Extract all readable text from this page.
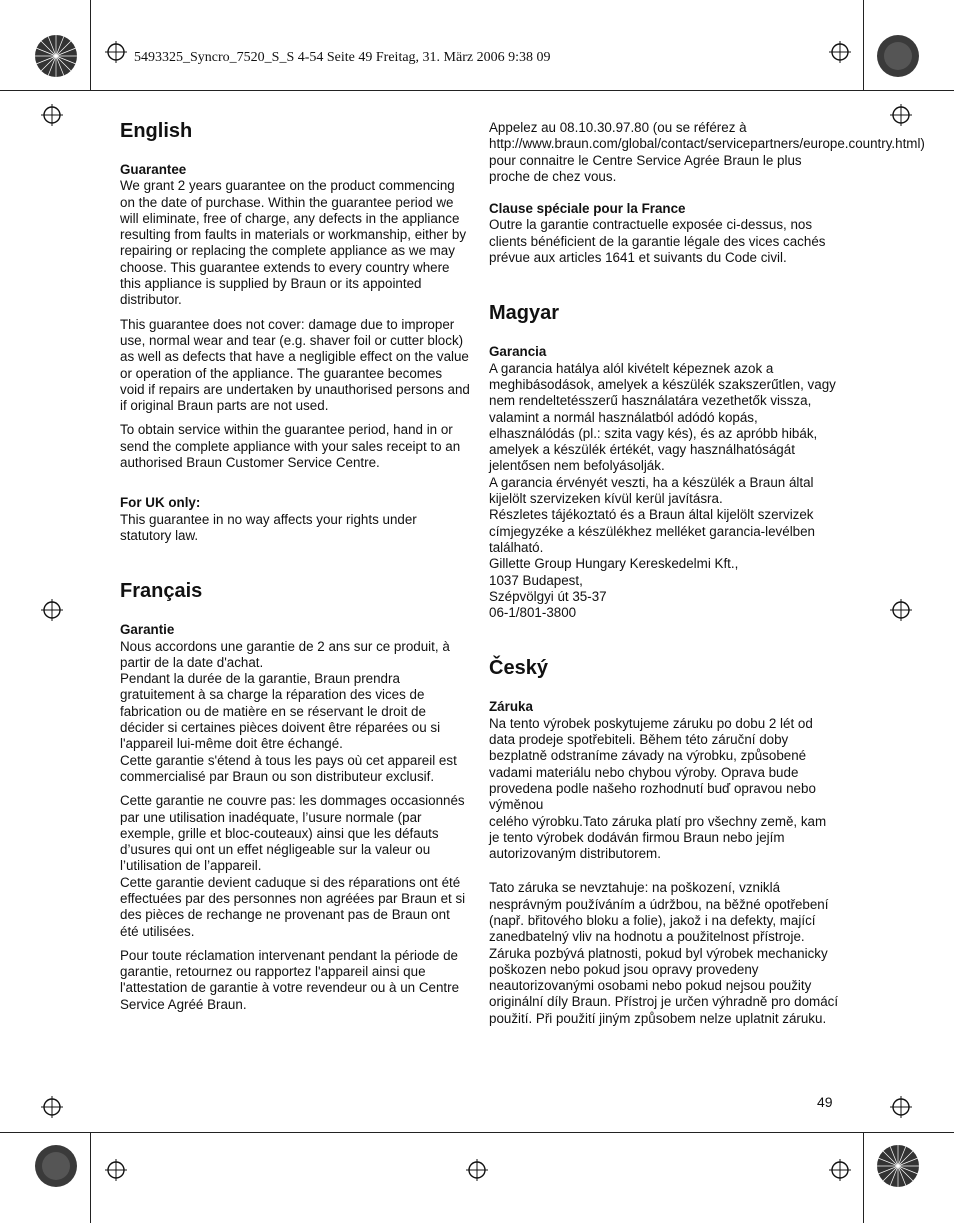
5493325_Syncro_7520_S_S 4-54 Seite 49 Freitag, 31. März 2006 9:38 09
English
Guarantee

We grant 2 years guarantee on the product commencing on the date of purchase. Within the guarantee period we will eliminate, free of charge, any defects in the appliance resulting from faults in materials or workmanship, either by repairing or replacing the complete appliance as we may choose. This guarantee extends to every country where this appliance is supplied by Braun or its appointed distributor.

This guarantee does not cover: damage due to improper use, normal wear and tear (e.g. shaver foil or cutter block) as well as defects that have a negligible effect on the value or operation of the appliance. The guarantee becomes void if repairs are undertaken by unauthorised persons and if original Braun parts are not used.

To obtain service within the guarantee period, hand in or send the complete appliance with your sales receipt to an authorised Braun Customer Service Centre.

For UK only:

This guarantee in no way affects your rights under statutory law.

Français
Garantie

Nous accordons une garantie de 2 ans sur ce produit, à partir de la date d'achat.

Pendant la durée de la garantie, Braun prendra gratuitement à sa charge la réparation des vices de fabrication ou de matière en se réservant le droit de décider si certaines pièces doivent être réparées ou si l'appareil lui-même doit être échangé.

Cette garantie s'étend à tous les pays où cet appareil est commercialisé par Braun ou son distributeur exclusif.

Cette garantie ne couvre pas: les dommages occasionnés par une utilisation inadéquate, l’usure normale (par exemple, grille et bloc-couteaux) ainsi que les défauts d’usures qui ont un effet négligeable sur la valeur ou l’utilisation de l’appareil.

Cette garantie devient caduque si des réparations ont été effectuées par des personnes non agréées par Braun et si des pièces de rechange ne provenant pas de Braun ont été utilisées.

Pour toute réclamation intervenant pendant la période de garantie, retournez ou rapportez l'appareil ainsi que l'attestation de garantie à votre revendeur ou à un Centre Service Agréé Braun.

Appelez au 08.10.30.97.80 (ou se référez à http://www.braun.com/global/contact/servicepartners/europe.country.html) pour connaitre le Centre Service Agrée Braun le plus proche de chez vous.

Clause spéciale pour la France

Outre la garantie contractuelle exposée ci-dessus, nos clients bénéficient de la garantie légale des vices cachés prévue aux articles 1641 et suivants du Code civil.

Magyar
Garancia

A garancia hatálya alól kivételt képeznek azok a meghibásodások, amelyek a készülék szakszerűtlen, vagy nem rendeltetésszerű használatára vezethetők vissza, valamint a normál használatból adódó kopás, elhasználódás (pl.: szita vagy kés), és az apróbb hibák, amelyek a készülék értékét, vagy használhatóságát jelentősen nem befolyásolják.

A garancia érvényét veszti, ha a készülék a Braun által kijelölt szervizeken kívül kerül javításra.

Részletes tájékoztató és a Braun által kijelölt szervizek címjegyzéke a készülékhez melléket garancia-levélben található.

Gillette Group Hungary Kereskedelmi Kft.,

1037 Budapest,

Szépvölgyi út 35-37

06-1/801-3800

Český
Záruka

Na tento výrobek poskytujeme záruku po dobu 2 lét od data prodeje spotřebiteli. Během této záruční doby bezplatně odstraníme závady na výrobku, způsobené vadami materiálu nebo chybou výroby. Oprava bude provedena podle našeho rozhodnutí buď opravou nebo výměnou

celého výrobku.Tato záruka platí pro všechny země, kam je tento výrobek dodáván firmou Braun nebo jejím autorizovaným distributorem.

Tato záruka se nevztahuje: na poškození, vzniklá nesprávným používáním a údržbou, na běžné opotřebení (např. břitového bloku a folie), jakož i na defekty, mající zanedbatelný vliv na hodnotu a použitelnost přístroje. Záruka pozbývá platnosti, pokud byl výrobek mechanicky poškozen nebo pokud jsou opravy provedeny neautorizovanými osobami nebo pokud nejsou použity originální díly Braun. Přístroj je určen výhradně pro domácí použití. Při použití jiným způsobem nelze uplatnit záruku.

49
